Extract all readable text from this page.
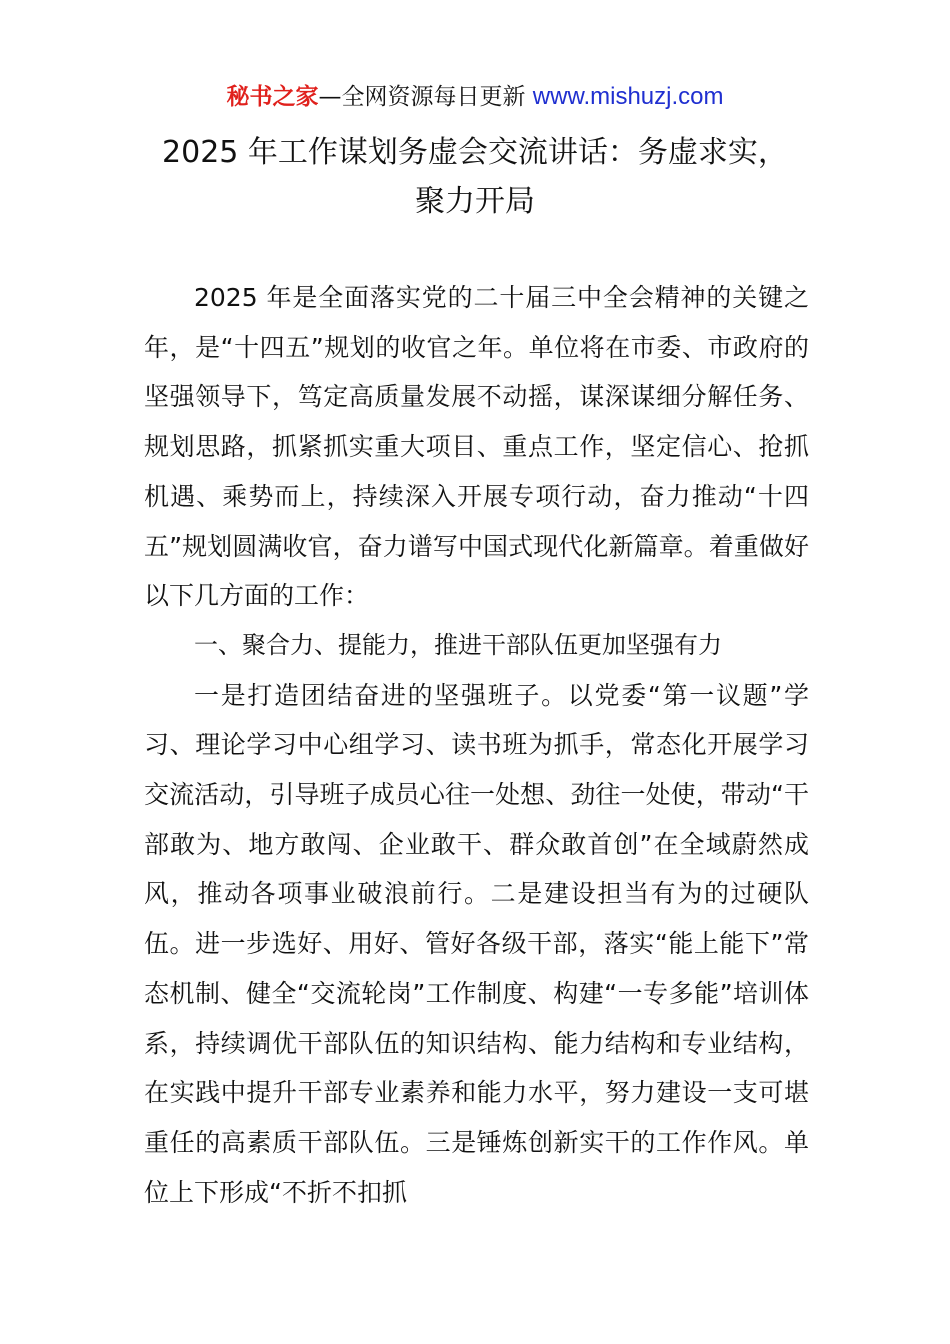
秘书之家—全网资源每日更新 www.mishuzj.com
2025 年工作谋划务虚会交流讲话：务虚求实，
聚力开局

2025 年是全面落实党的二十届三中全会精神的关键之年，是“十四五”规划的收官之年。单位将在市委、市政府的坚强领导下，笃定高质量发展不动摇，谋深谋细分解任务、规划思路，抓紧抓实重大项目、重点工作，坚定信心、抢抓机遇、乘势而上，持续深入开展专项行动，奋力推动“十四五”规划圆满收官，奋力谱写中国式现代化新篇章。着重做好以下几方面的工作：

一、聚合力、提能力，推进干部队伍更加坚强有力

一是打造团结奋进的坚强班子。以党委“第一议题”学习、理论学习中心组学习、读书班为抓手，常态化开展学习交流活动，引导班子成员心往一处想、劲往一处使，带动“干部敢为、地方敢闯、企业敢干、群众敢首创”在全域蔚然成风，推动各项事业破浪前行。二是建设担当有为的过硬队伍。进一步选好、用好、管好各级干部，落实“能上能下”常态机制、健全“交流轮岗”工作制度、构建“一专多能”培训体系，持续调优干部队伍的知识结构、能力结构和专业结构，在实践中提升干部专业素养和能力水平，努力建设一支可堪重任的高素质干部队伍。三是锤炼创新实干的工作作风。单位上下形成“不折不扣抓
